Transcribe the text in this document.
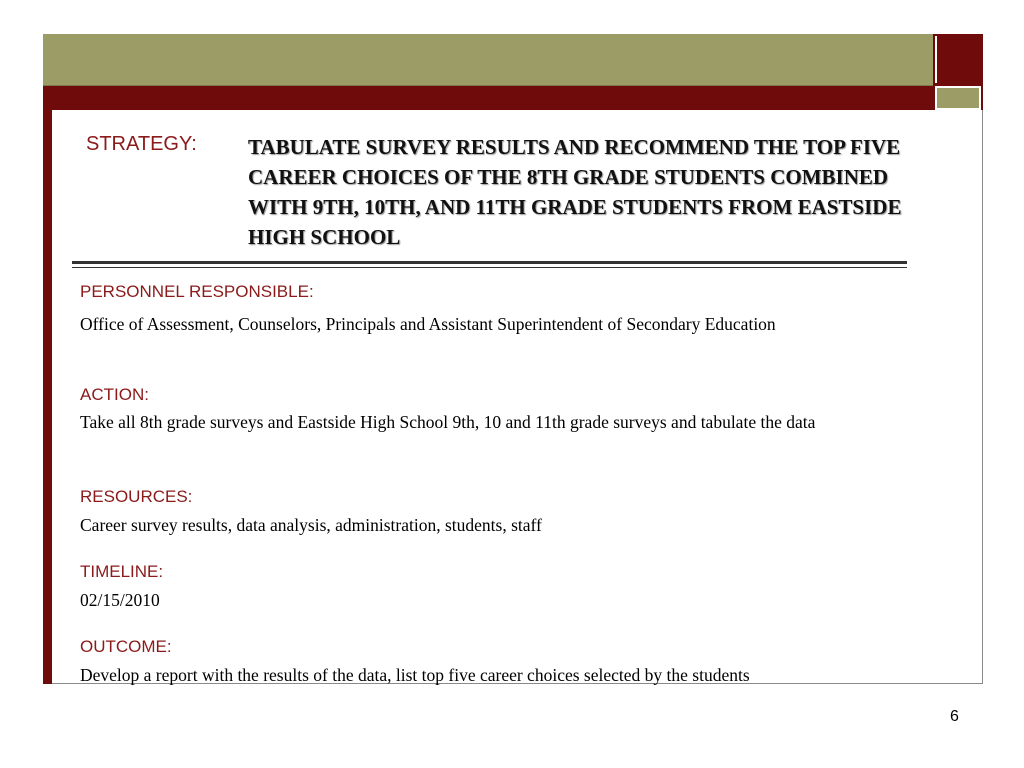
STRATEGY: TABULATE SURVEY RESULTS AND RECOMMEND THE TOP FIVE CAREER CHOICES OF THE 8TH GRADE STUDENTS COMBINED WITH 9TH, 10TH, AND 11TH GRADE STUDENTS FROM EASTSIDE HIGH SCHOOL
PERSONNEL RESPONSIBLE:
Office of Assessment, Counselors, Principals and Assistant Superintendent of Secondary Education
ACTION:
Take all 8th grade surveys and Eastside High School 9th, 10 and 11th grade surveys and tabulate the data
RESOURCES:
Career survey results, data analysis, administration, students, staff
TIMELINE:
02/15/2010
OUTCOME:
Develop a report with the results of the data, list top five career choices selected by the students
6
